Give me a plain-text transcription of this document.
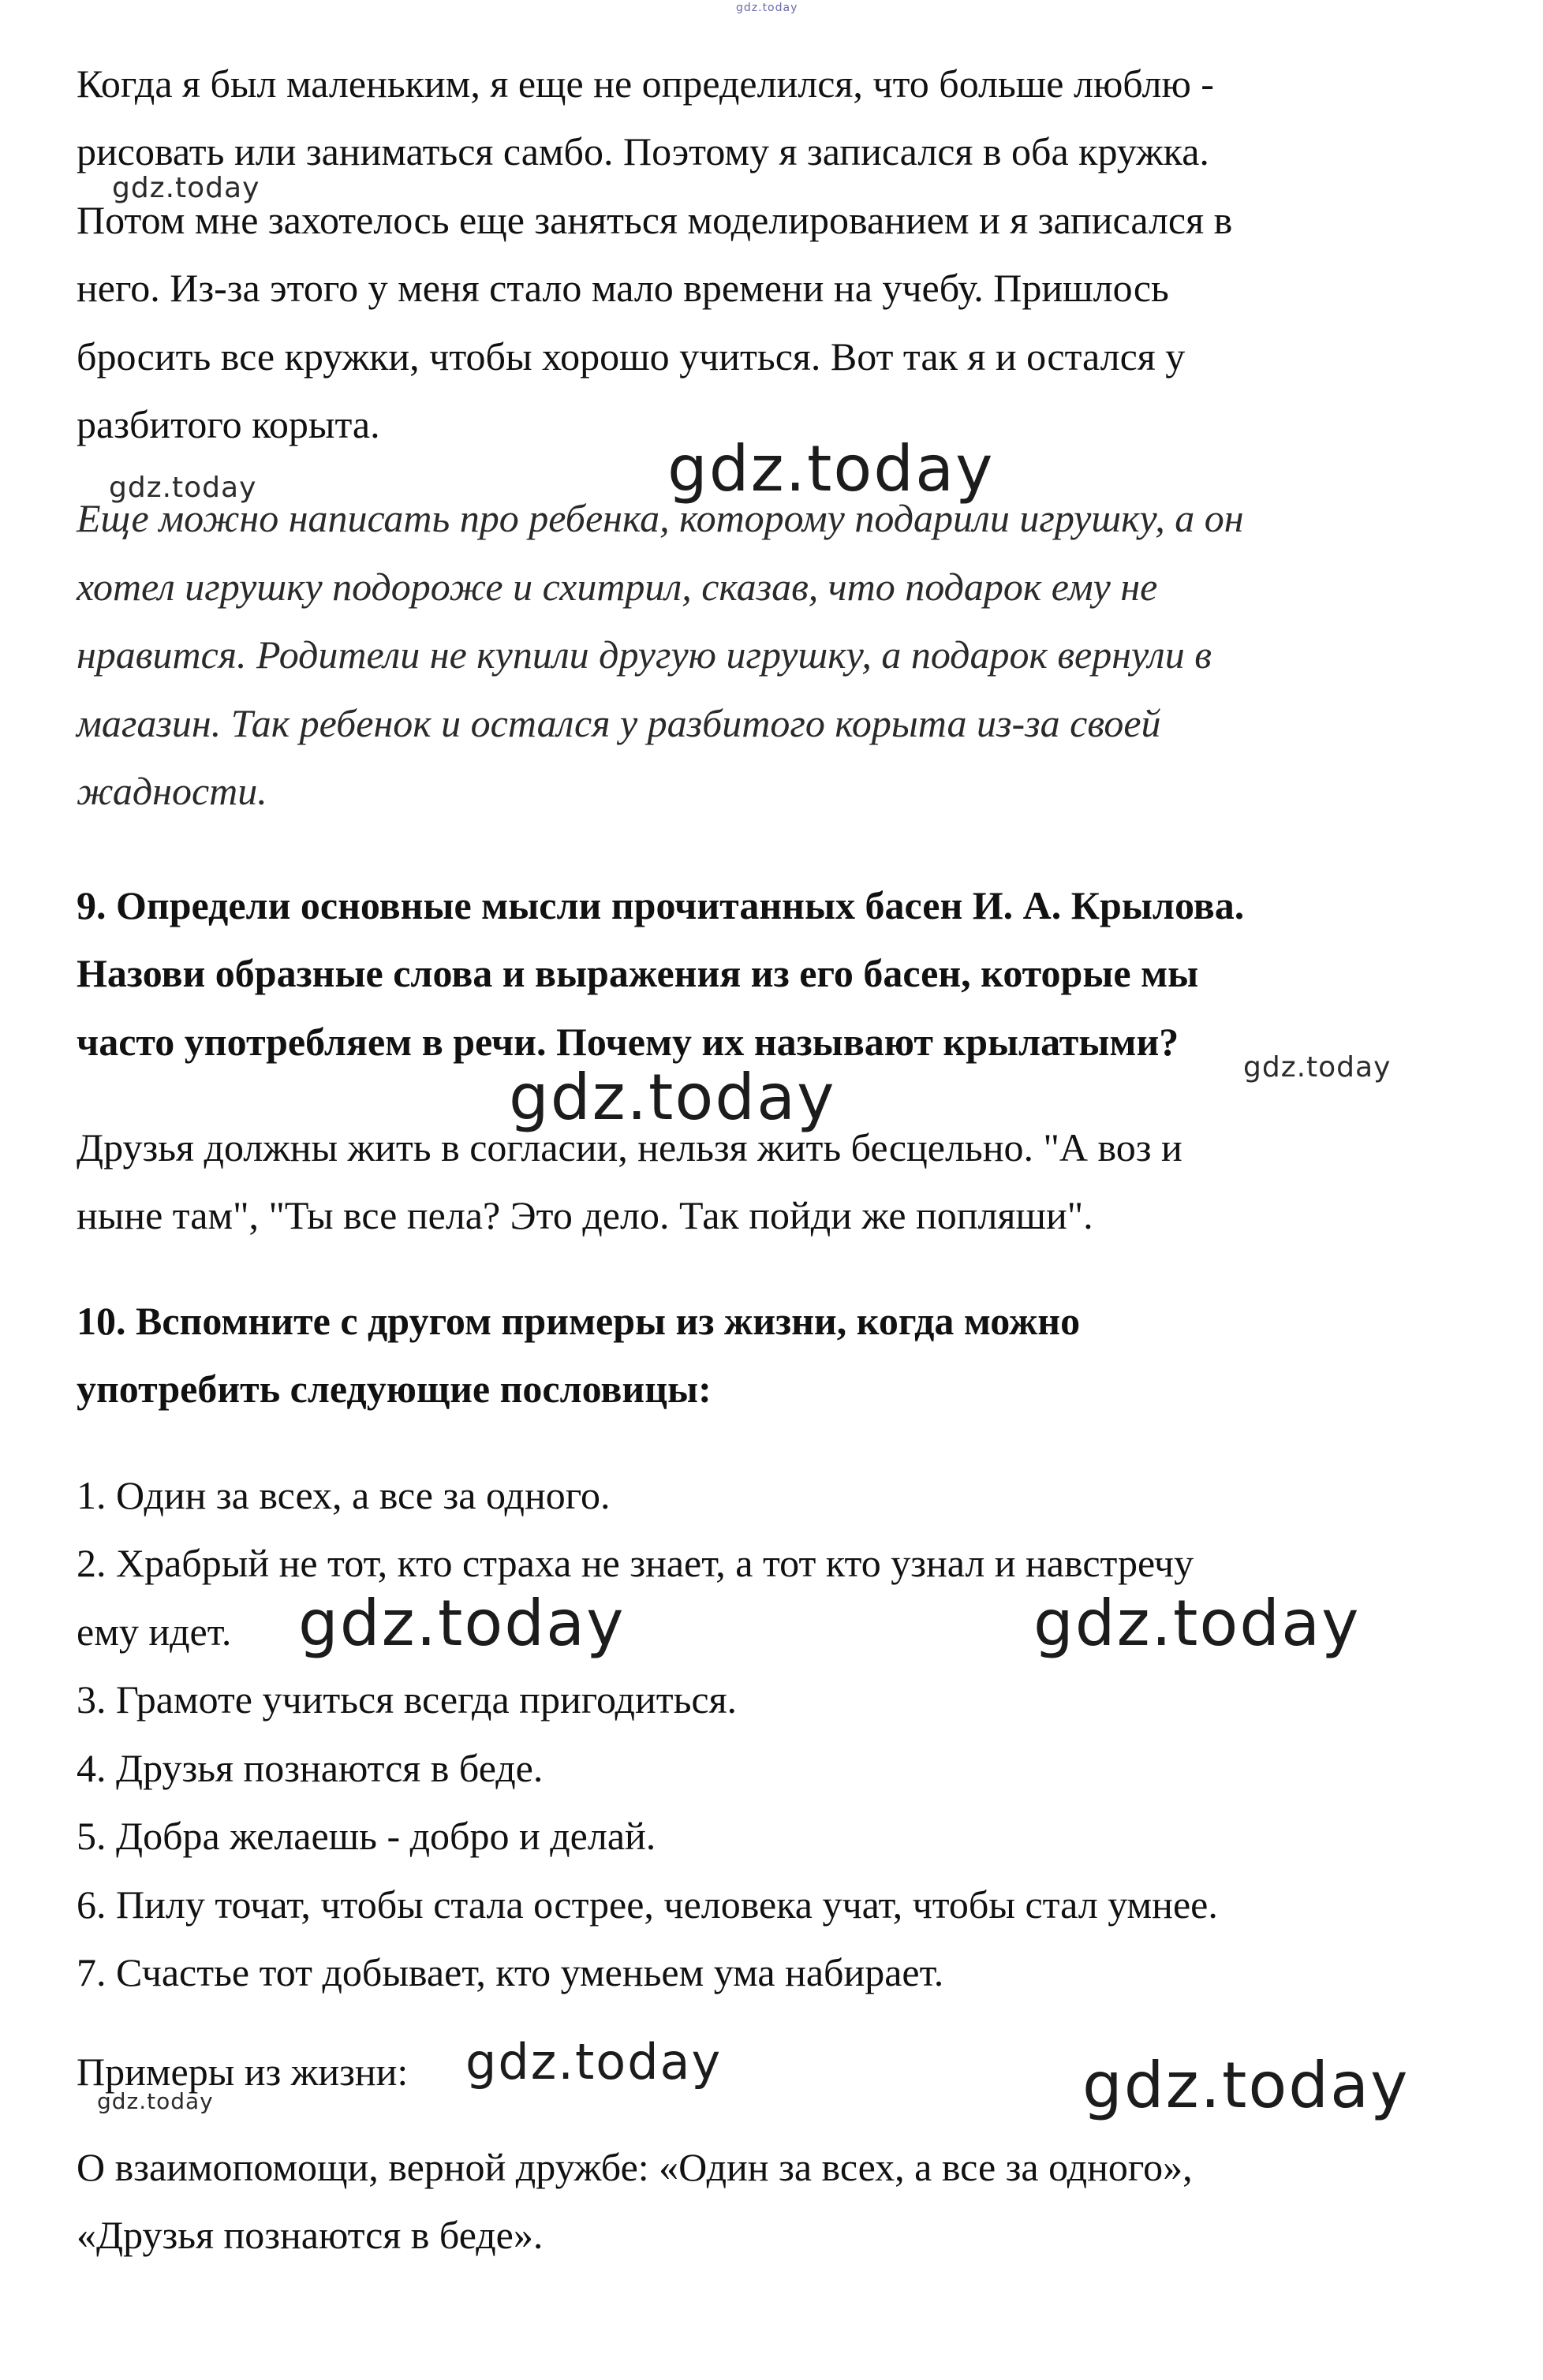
gdz.today
Когда я был маленьким, я еще не определился, что больше люблю -
рисовать или заниматься самбо. Поэтому я записался в оба кружка.
Потом мне захотелось еще заняться моделированием и я записался в
него. Из-за этого у меня стало мало времени на учебу. Пришлось
бросить все кружки, чтобы хорошо учиться. Вот так я и остался у
разбитого корыта.
gdz.today
gdz.today
gdz.today
Еще можно написать про ребенка, которому подарили игрушку, а он
хотел игрушку подороже и схитрил, сказав, что подарок ему не
нравится. Родители не купили другую игрушку, а подарок вернули в
магазин. Так ребенок и остался у разбитого корыта из-за своей
жадности.
9. Определи основные мысли прочитанных басен И. А. Крылова.
Назови образные слова и выражения из его басен, которые мы
часто употребляем в речи. Почему их называют крылатыми?
gdz.today
gdz.today
Друзья должны жить в согласии, нельзя жить бесцельно. "А воз и
ныне там", "Ты все пела? Это дело. Так пойди же попляши".
10. Вспомните с другом примеры из жизни, когда можно
употребить следующие пословицы:
1. Один за всех, а все за одного.
2. Храбрый не тот, кто страха не знает, а тот кто узнал и навстречу
ему идет. gdz.today	gdz.today
3. Грамоте учиться всегда пригодиться.
4. Друзья познаются в беде.
5. Добра желаешь - добро и делай.
6. Пилу точат, чтобы стала острее, человека учат, чтобы стал умнее.
7. Счастье тот добывает, кто уменьем ума набирает.
Примеры из жизни: gdz.today	gdz.today
gdz.today
О взаимопомощи, верной дружбе: «Один за всех, а все за одного»,
«Друзья познаются в беде».
